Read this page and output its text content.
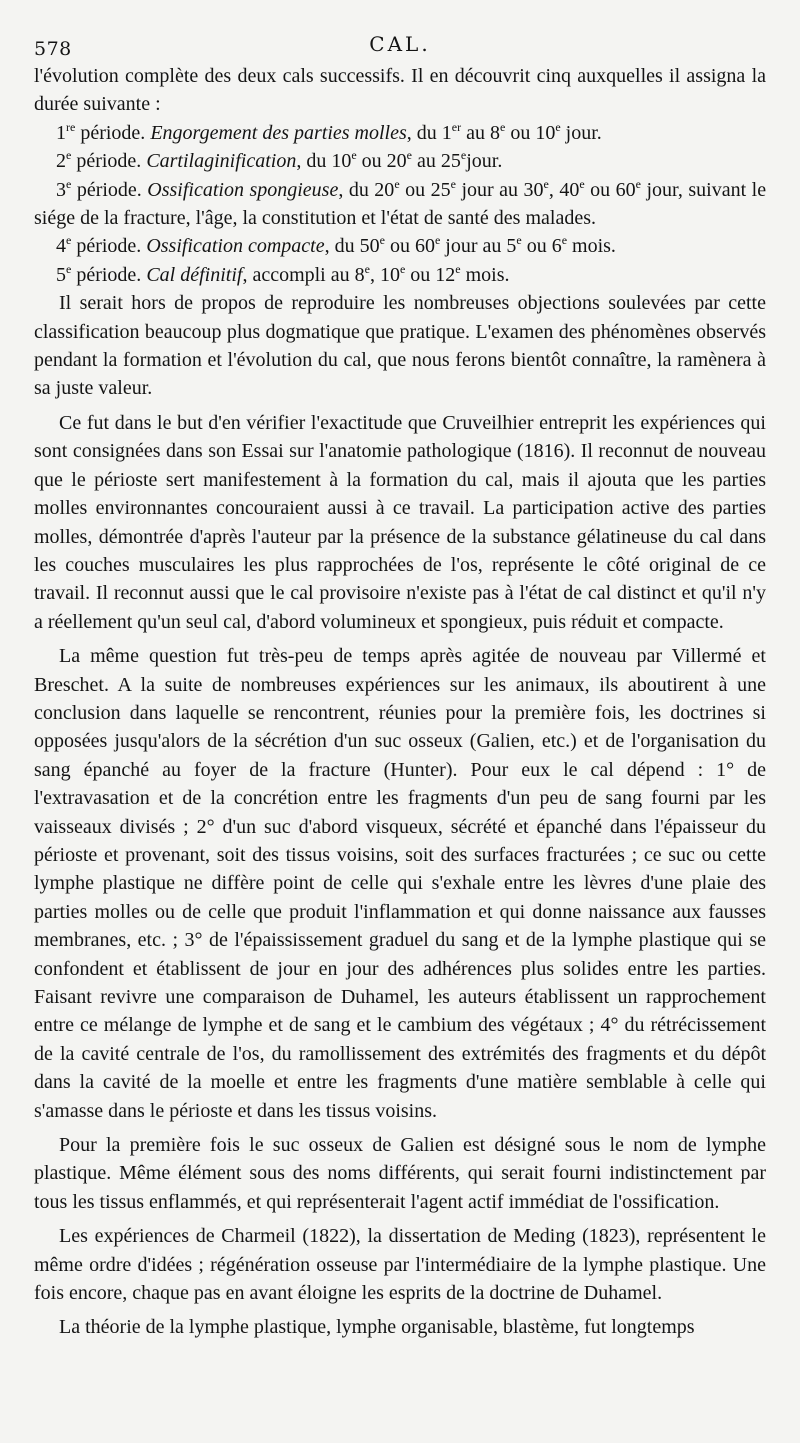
578	CAL.

l'évolution complète des deux cals successifs. Il en découvrit cinq auxquelles il assigna la durée suivante :

1re période. Engorgement des parties molles, du 1er au 8e ou 10e jour.

2e période. Cartilaginification, du 10e ou 20e au 25ejour.

3e période. Ossification spongieuse, du 20e ou 25e jour au 30e, 40e ou 60e jour, suivant le siége de la fracture, l'âge, la constitution et l'état de santé des malades.

4e période. Ossification compacte, du 50e ou 60e jour au 5e ou 6e mois.

5e période. Cal définitif, accompli au 8e, 10e ou 12e mois.

Il serait hors de propos de reproduire les nombreuses objections soulevées par cette classification beaucoup plus dogmatique que pratique. L'examen des phénomènes observés pendant la formation et l'évolution du cal, que nous ferons bientôt connaître, la ramènera à sa juste valeur.

Ce fut dans le but d'en vérifier l'exactitude que Cruveilhier entreprit les expériences qui sont consignées dans son Essai sur l'anatomie pathologique (1816). Il reconnut de nouveau que le périoste sert manifestement à la formation du cal, mais il ajouta que les parties molles environnantes concouraient aussi à ce travail. La participation active des parties molles, démontrée d'après l'auteur par la présence de la substance gélatineuse du cal dans les couches musculaires les plus rapprochées de l'os, représente le côté original de ce travail. Il reconnut aussi que le cal provisoire n'existe pas à l'état de cal distinct et qu'il n'y a réellement qu'un seul cal, d'abord volumineux et spongieux, puis réduit et compacte.

La même question fut très-peu de temps après agitée de nouveau par Villermé et Breschet. A la suite de nombreuses expériences sur les animaux, ils aboutirent à une conclusion dans laquelle se rencontrent, réunies pour la première fois, les doctrines si opposées jusqu'alors de la sécrétion d'un suc osseux (Galien, etc.) et de l'organisation du sang épanché au foyer de la fracture (Hunter). Pour eux le cal dépend : 1° de l'extravasation et de la concrétion entre les fragments d'un peu de sang fourni par les vaisseaux divisés ; 2° d'un suc d'abord visqueux, sécrété et épanché dans l'épaisseur du périoste et provenant, soit des tissus voisins, soit des surfaces fracturées ; ce suc ou cette lymphe plastique ne diffère point de celle qui s'exhale entre les lèvres d'une plaie des parties molles ou de celle que produit l'inflammation et qui donne naissance aux fausses membranes, etc. ; 3° de l'épaississement graduel du sang et de la lymphe plastique qui se confondent et établissent de jour en jour des adhérences plus solides entre les parties. Faisant revivre une comparaison de Duhamel, les auteurs établissent un rapprochement entre ce mélange de lymphe et de sang et le cambium des végétaux ; 4° du rétrécissement de la cavité centrale de l'os, du ramollissement des extrémités des fragments et du dépôt dans la cavité de la moelle et entre les fragments d'une matière semblable à celle qui s'amasse dans le périoste et dans les tissus voisins.

Pour la première fois le suc osseux de Galien est désigné sous le nom de lymphe plastique. Même élément sous des noms différents, qui serait fourni indistinctement par tous les tissus enflammés, et qui représenterait l'agent actif immédiat de l'ossification.

Les expériences de Charmeil (1822), la dissertation de Meding (1823), représentent le même ordre d'idées ; régénération osseuse par l'intermédiaire de la lymphe plastique. Une fois encore, chaque pas en avant éloigne les esprits de la doctrine de Duhamel.

La théorie de la lymphe plastique, lymphe organisable, blastème, fut longtemps
